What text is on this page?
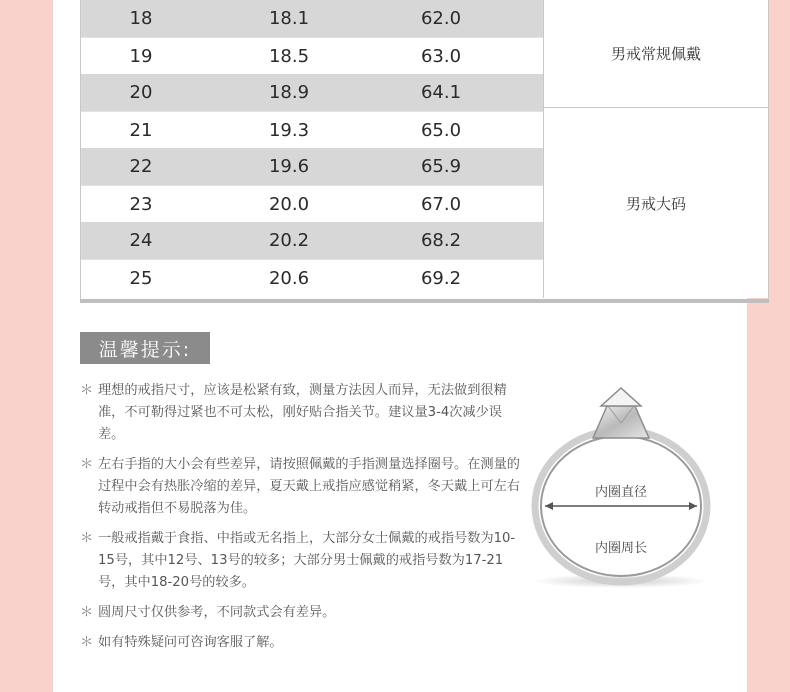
18	18.1	62.0
19	18.5	63.0
20	18.9	64.1
21	19.3	65.0
22	19.6	65.9
23	20.0	67.0
24	20.2	68.2
25	20.6	69.2
男戒常规佩戴
男戒大码
温馨提示:
＊ 理想的戒指尺寸，应该是松紧有致，测量方法因人而异，无法做到很精准，不可勒得过紧也不可太松，刚好贴合指关节。建议量3-4次减少误差。
＊ 左右手指的大小会有些差异，请按照佩戴的手指测量选择圈号。在测量的过程中会有热胀冷缩的差异，夏天戴上戒指应感觉稍紧，冬天戴上可左右转动戒指但不易脱落为佳。
＊ 一般戒指戴于食指、中指或无名指上，大部分女士佩戴的戒指号数为10-15号，其中12号、13号的较多；大部分男士佩戴的戒指号数为17-21号，其中18-20号的较多。
＊ 圆周尺寸仅供参考，不同款式会有差异。
＊ 如有特殊疑问可咨询客服了解。
内圈直径
内圈周长
